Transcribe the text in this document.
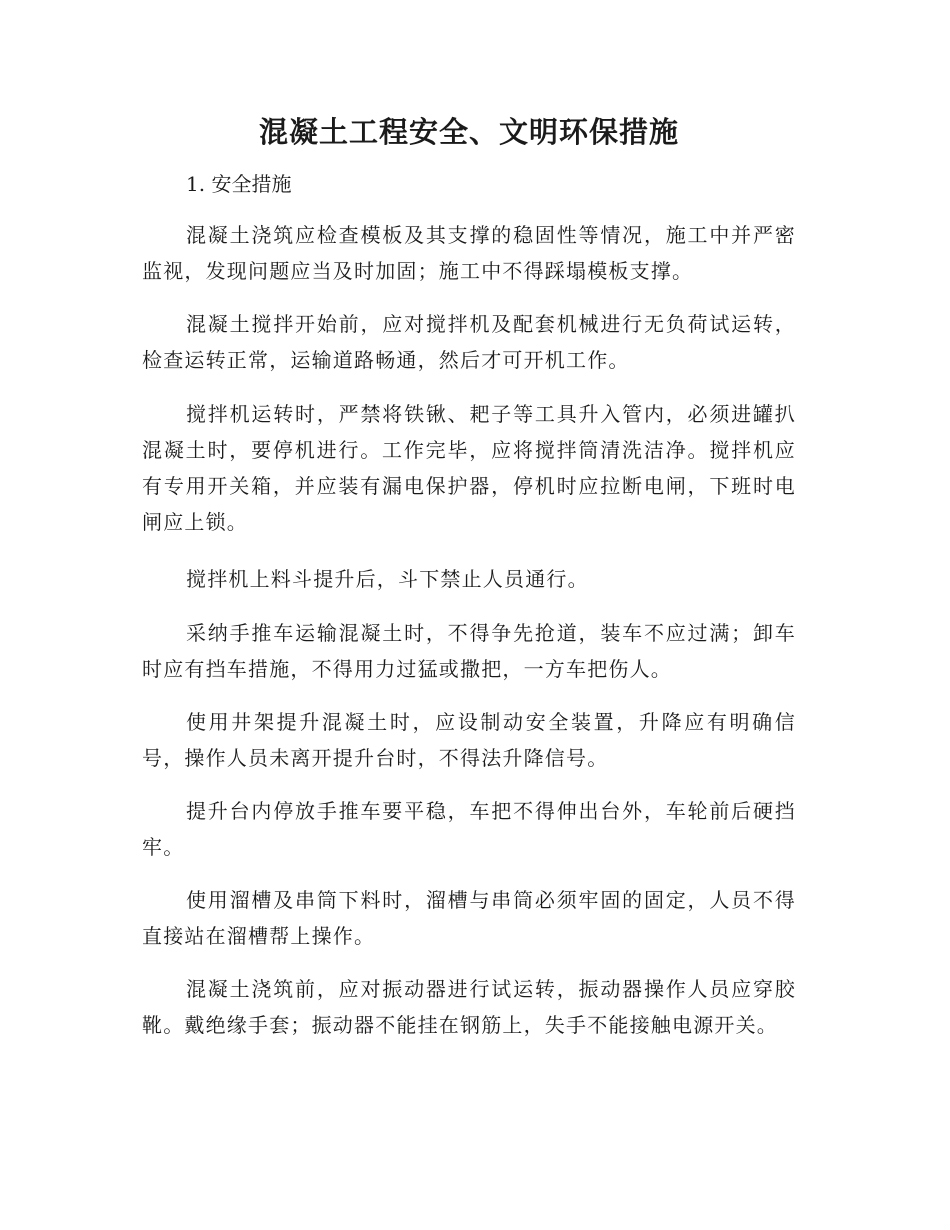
混凝土工程安全、文明环保措施

1. 安全措施

混凝土浇筑应检查模板及其支撑的稳固性等情况，施工中并严密监视，发现问题应当及时加固；施工中不得踩塌模板支撑。

混凝土搅拌开始前，应对搅拌机及配套机械进行无负荷试运转，检查运转正常，运输道路畅通，然后才可开机工作。

搅拌机运转时，严禁将铁锹、耙子等工具升入管内，必须进罐扒混凝土时，要停机进行。工作完毕，应将搅拌筒清洗洁净。搅拌机应有专用开关箱，并应装有漏电保护器，停机时应拉断电闸，下班时电闸应上锁。

搅拌机上料斗提升后，斗下禁止人员通行。

采纳手推车运输混凝土时，不得争先抢道，装车不应过满；卸车时应有挡车措施，不得用力过猛或撒把，一方车把伤人。

使用井架提升混凝土时，应设制动安全装置，升降应有明确信号，操作人员未离开提升台时，不得法升降信号。

提升台内停放手推车要平稳，车把不得伸出台外，车轮前后硬挡牢。

使用溜槽及串筒下料时，溜槽与串筒必须牢固的固定，人员不得直接站在溜槽帮上操作。

混凝土浇筑前，应对振动器进行试运转，振动器操作人员应穿胶靴。戴绝缘手套；振动器不能挂在钢筋上，失手不能接触电源开关。
